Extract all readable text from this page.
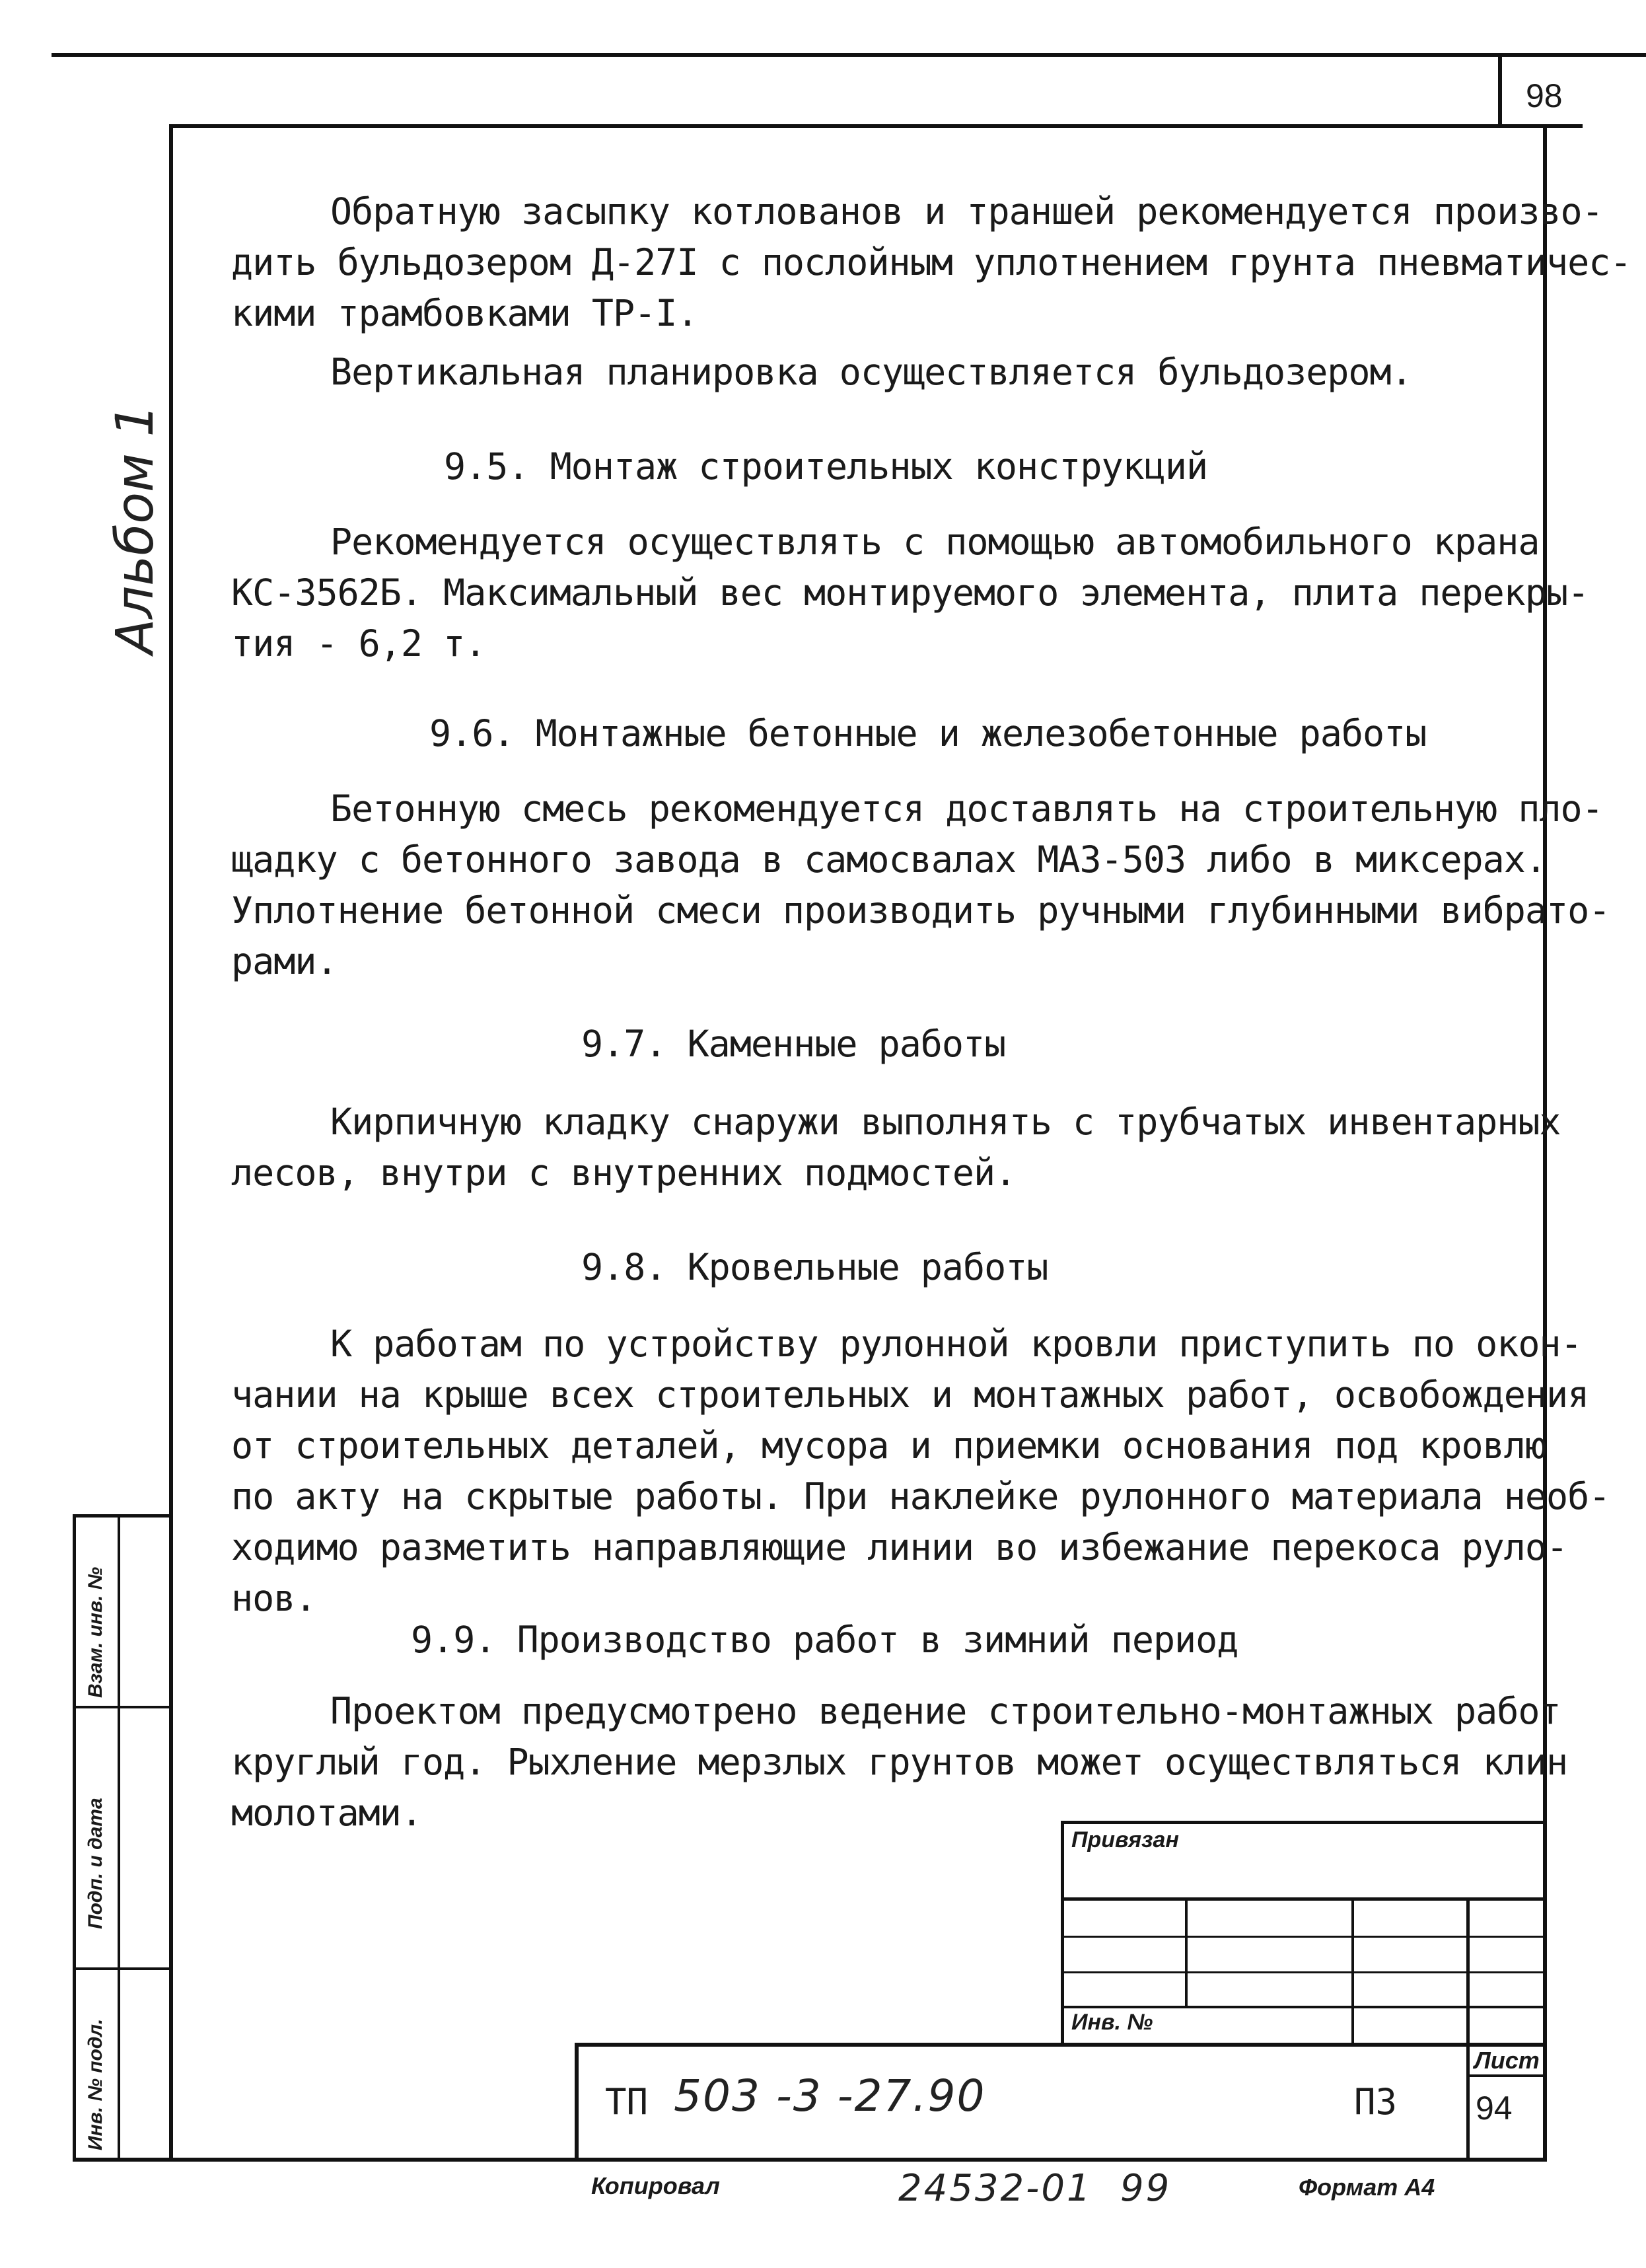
98
Альбом 1
Обратную засыпку котлованов и траншей рекомендуется произво-
дить бульдозером Д-27I с послойным уплотнением грунта пневматичес-
кими трамбовками ТР-I.
Вертикальная планировка осуществляется бульдозером.
9.5. Монтаж строительных конструкций
Рекомендуется осуществлять с помощью автомобильного крана
КС-3562Б. Максимальный вес монтируемого элемента, плита перекры-
тия - 6,2 т.
9.6. Монтажные бетонные и железобетонные работы
Бетонную смесь рекомендуется доставлять на строительную пло-
щадку с бетонного завода в самосвалах МАЗ-503 либо в миксерах.
Уплотнение бетонной смеси производить ручными глубинными вибрато-
рами.
9.7. Каменные работы
Кирпичную кладку снаружи выполнять с трубчатых инвентарных
лесов, внутри с внутренних подмостей.
9.8. Кровельные работы
К работам по устройству рулонной кровли приступить по окон-
чании на крыше всех строительных и монтажных работ, освобождения
от строительных деталей, мусора и приемки основания под кровлю
по акту на скрытые работы. При наклейке рулонного материала необ-
ходимо разметить направляющие линии во избежание перекоса руло-
нов.
9.9. Производство работ в зимний период
Проектом предусмотрено ведение строительно-монтажных работ
круглый год. Рыхление мерзлых грунтов может осуществляться клин
молотами.
Взам. инв. №
Подп. и дата
Инв. № подл.
Привязан
Инв. №
ТП 503 -3 -27.90	ПЗ
Лист
94
Копировал	24532-01 99	Формат А4
